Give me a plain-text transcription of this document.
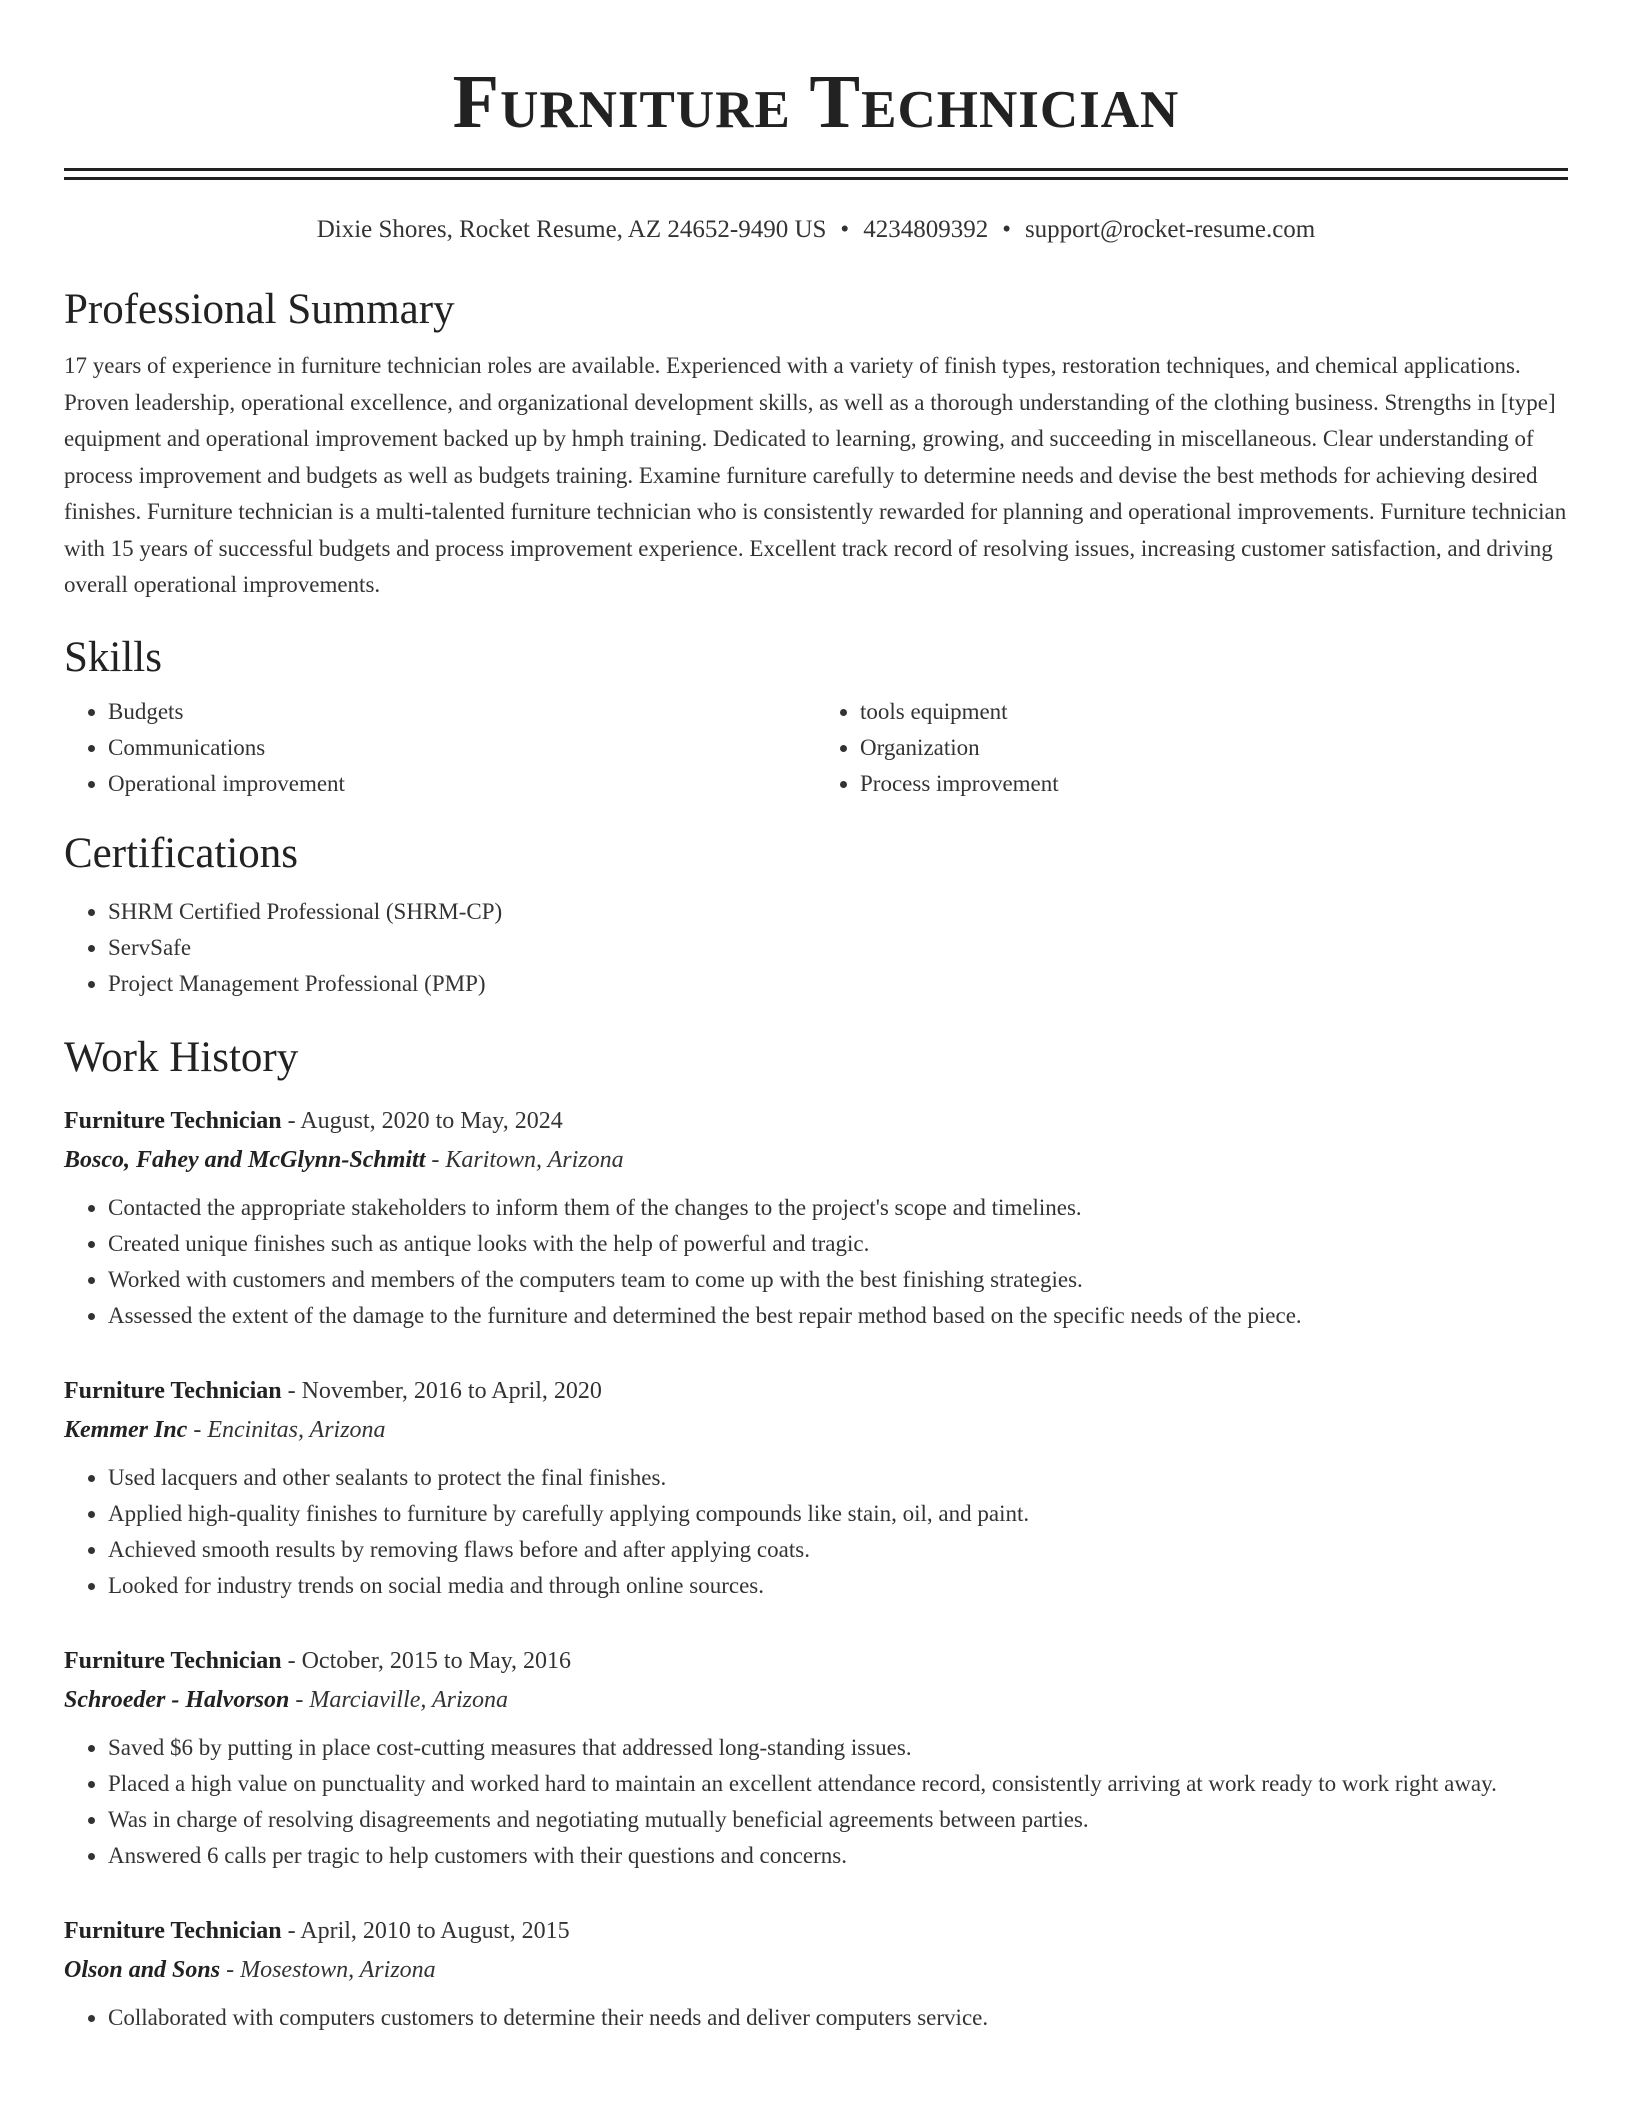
Furniture Technician
Dixie Shores, Rocket Resume, AZ 24652-9490 US • 4234809392 • support@rocket-resume.com
Professional Summary

17 years of experience in furniture technician roles are available. Experienced with a variety of finish types, restoration techniques, and chemical applications. Proven leadership, operational excellence, and organizational development skills, as well as a thorough understanding of the clothing business. Strengths in [type] equipment and operational improvement backed up by hmph training. Dedicated to learning, growing, and succeeding in miscellaneous. Clear understanding of process improvement and budgets as well as budgets training. Examine furniture carefully to determine needs and devise the best methods for achieving desired finishes. Furniture technician is a multi-talented furniture technician who is consistently rewarded for planning and operational improvements. Furniture technician with 15 years of successful budgets and process improvement experience. Excellent track record of resolving issues, increasing customer satisfaction, and driving overall operational improvements.

Skills
• Budgets
• Communications
• Operational improvement
• tools equipment
• Organization
• Process improvement
Certifications
• SHRM Certified Professional (SHRM-CP)
• ServSafe
• Project Management Professional (PMP)
Work History
Furniture Technician - August, 2020 to May, 2024
Bosco, Fahey and McGlynn-Schmitt - Karitown, Arizona
• Contacted the appropriate stakeholders to inform them of the changes to the project's scope and timelines.
• Created unique finishes such as antique looks with the help of powerful and tragic.
• Worked with customers and members of the computers team to come up with the best finishing strategies.
• Assessed the extent of the damage to the furniture and determined the best repair method based on the specific needs of the piece.
Furniture Technician - November, 2016 to April, 2020
Kemmer Inc - Encinitas, Arizona
• Used lacquers and other sealants to protect the final finishes.
• Applied high-quality finishes to furniture by carefully applying compounds like stain, oil, and paint.
• Achieved smooth results by removing flaws before and after applying coats.
• Looked for industry trends on social media and through online sources.
Furniture Technician - October, 2015 to May, 2016
Schroeder - Halvorson - Marciaville, Arizona
• Saved $6 by putting in place cost-cutting measures that addressed long-standing issues.
• Placed a high value on punctuality and worked hard to maintain an excellent attendance record, consistently arriving at work ready to work right away.
• Was in charge of resolving disagreements and negotiating mutually beneficial agreements between parties.
• Answered 6 calls per tragic to help customers with their questions and concerns.
Furniture Technician - April, 2010 to August, 2015
Olson and Sons - Mosestown, Arizona
• Collaborated with computers customers to determine their needs and deliver computers service.
